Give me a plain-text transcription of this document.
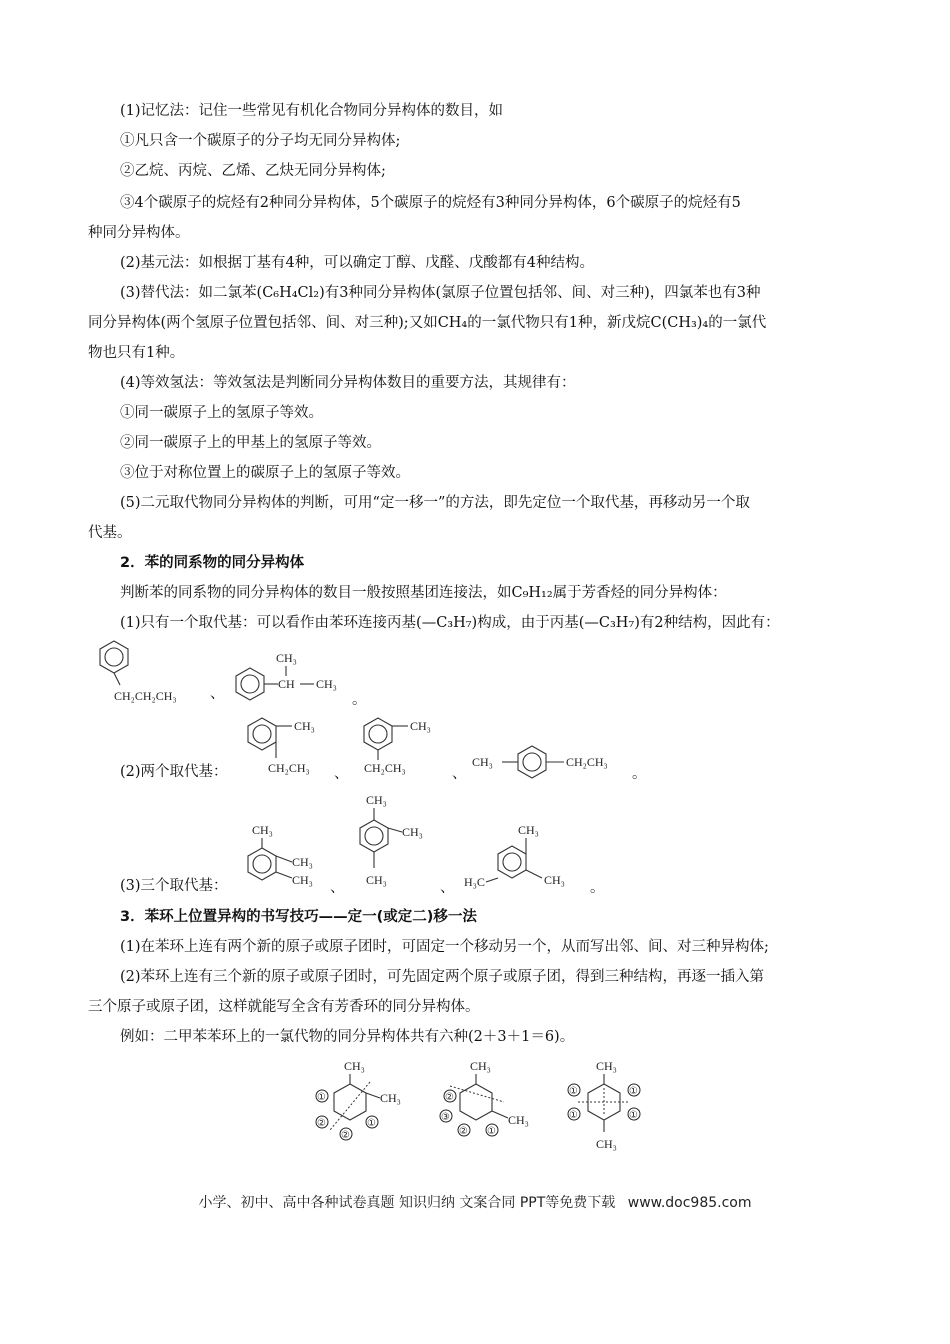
(1)记忆法：记住一些常见有机化合物同分异构体的数目，如
①凡只含一个碳原子的分子均无同分异构体;
②乙烷、丙烷、乙烯、乙炔无同分异构体;
③4个碳原子的烷烃有2种同分异构体，5个碳原子的烷烃有3种同分异构体，6个碳原子的烷烃有5
种同分异构体。
(2)基元法：如根据丁基有4种，可以确定丁醇、戊醛、戊酸都有4种结构。
(3)替代法：如二氯苯(C₆H₄Cl₂)有3种同分异构体(氯原子位置包括邻、间、对三种)，四氯苯也有3种
同分异构体(两个氢原子位置包括邻、间、对三种);又如CH₄的一氯代物只有1种，新戊烷C(CH₃)₄的一氯代
物也只有1种。
(4)等效氢法：等效氢法是判断同分异构体数目的重要方法，其规律有：
①同一碳原子上的氢原子等效。
②同一碳原子上的甲基上的氢原子等效。
③位于对称位置上的碳原子上的氢原子等效。
(5)二元取代物同分异构体的判断，可用“定一移一”的方法，即先定位一个取代基，再移动另一个取
代基。
2．苯的同系物的同分异构体
判断苯的同系物的同分异构体的数目一般按照基团连接法，如C₉H₁₂属于芳香烃的同分异构体：
(1)只有一个取代基：可以看作由苯环连接丙基(—C₃H₇)构成，由于丙基(—C₃H₇)有2种结构，因此有：
CH₂CH₂CH₃ 、
CH
CH₃
CH₃
。
(2)两个取代基：
CH₃
CH₂CH₃ 、
CH₃
CH₂CH₃	、
CH₃	CH₂CH₃
。
(3)三个取代基：
CH₃
CH₃
CH₃ 、
CH₃
CH₃
CH₃	、 H₃C
CH₃
CH₃ 。
3．苯环上位置异构的书写技巧——定一(或定二)移一法
(1)在苯环上连有两个新的原子或原子团时，可固定一个移动另一个，从而写出邻、间、对三种异构体;
(2)苯环上连有三个新的原子或原子团时，可先固定两个原子或原子团，得到三种结构，再逐一插入第
三个原子或原子团，这样就能写全含有芳香环的同分异构体。
例如：二甲苯苯环上的一氯代物的同分异构体共有六种(2＋3＋1＝6)。
CH₃
CH₃
①
②
②
①
CH₃
CH₃
②
③
② ①
CH₃
CH₃
①	①
①	①
小学、初中、高中各种试卷真题 知识归纳 文案合同 PPT等免费下载 www.doc985.com
